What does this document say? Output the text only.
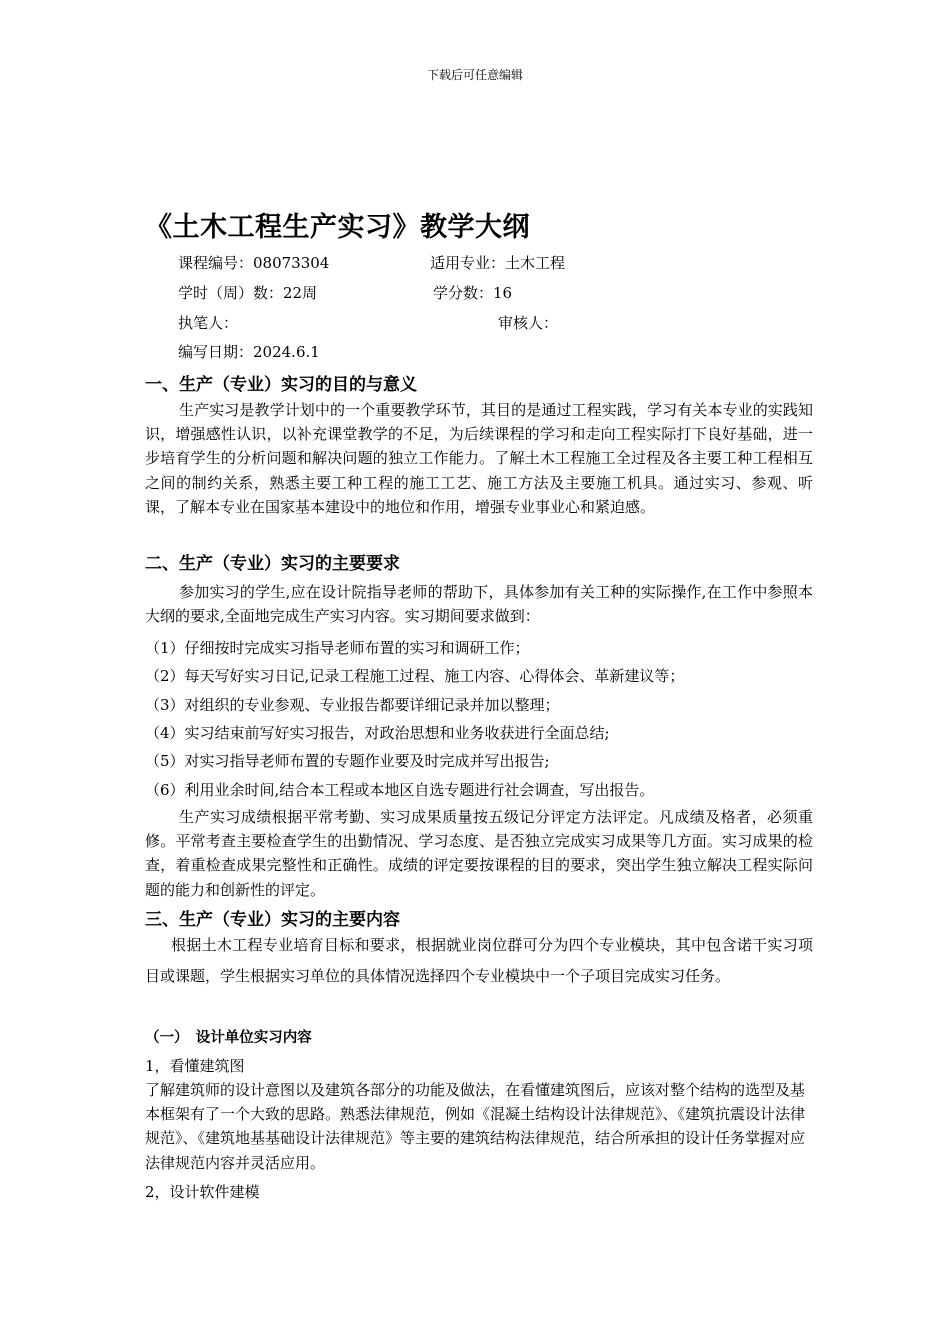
下载后可任意编辑
《土木工程生产实习》教学大纲
课程编号：08073304	适用专业：土木工程
学时（周）数：22周	学分数：16
执笔人：	审核人：
编写日期：2024.6.1
一、生产（专业）实习的目的与意义

生产实习是教学计划中的一个重要教学环节，其目的是通过工程实践，学习有关本专业的实践知识，增强感性认识，以补充课堂教学的不足，为后续课程的学习和走向工程实际打下良好基础，进一步培育学生的分析问题和解决问题的独立工作能力。了解土木工程施工全过程及各主要工种工程相互之间的制约关系，熟悉主要工种工程的施工工艺、施工方法及主要施工机具。通过实习、参观、听课，了解本专业在国家基本建设中的地位和作用，增强专业事业心和紧迫感。

二、生产（专业）实习的主要要求

参加实习的学生,应在设计院指导老师的帮助下，具体参加有关工种的实际操作,在工作中参照本大纲的要求,全面地完成生产实习内容。实习期间要求做到：

（1）仔细按时完成实习指导老师布置的实习和调研工作；
（2）每天写好实习日记,记录工程施工过程、施工内容、心得体会、革新建议等；
（3）对组织的专业参观、专业报告都要详细记录并加以整理；
（4）实习结束前写好实习报告，对政治思想和业务收获进行全面总结;
（5）对实习指导老师布置的专题作业要及时完成并写出报告;
（6）利用业余时间,结合本工程或本地区自选专题进行社会调查，写出报告。

生产实习成绩根据平常考勤、实习成果质量按五级记分评定方法评定。凡成绩及格者，必须重修。平常考查主要检查学生的出勤情况、学习态度、是否独立完成实习成果等几方面。实习成果的检查，着重检查成果完整性和正确性。成绩的评定要按课程的目的要求，突出学生独立解决工程实际问题的能力和创新性的评定。

三、生产（专业）实习的主要内容

根据土木工程专业培育目标和要求，根据就业岗位群可分为四个专业模块，其中包含诺干实习项目或课题，学生根据实习单位的具体情况选择四个专业模块中一个子项目完成实习任务。

（一）　设计单位实习内容
1，看懂建筑图

了解建筑师的设计意图以及建筑各部分的功能及做法，在看懂建筑图后，应该对整个结构的选型及基本框架有了一个大致的思路。熟悉法律规范，例如《混凝土结构设计法律规范》、《建筑抗震设计法律规范》、《建筑地基基础设计法律规范》等主要的建筑结构法律规范，结合所承担的设计任务掌握对应法律规范内容并灵活应用。

2，设计软件建模
